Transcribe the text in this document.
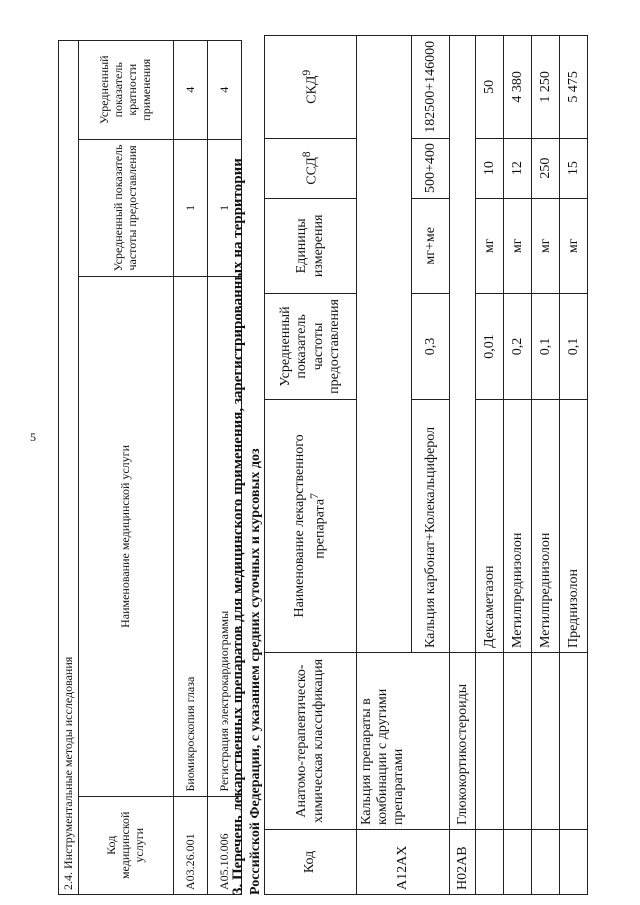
5
2.4. Инструментальные методы исследования			
Код медицинской услуги	Наименование медицинской услуги	Усредненный показатель частоты предоставления	Усредненный показатель кратности применения
A03.26.001	Биомикроскопия глаза	1	4
A05.10.006	Регистрация электрокардиограммы	1	4
3. Перечень лекарственных препаратов для медицинского применения, зарегистрированных на территории Российской Федерации, с указанием средних суточных и курсовых доз	Код	Анатомо-терапевтическо-химическая классификация	Наименование лекарственного препарата$^7$	Усредненный показатель частоты предоставления	Единицы измерения	ССД$^8$	СКД$^9$
A12AX	Кальция препараты в комбинации с другими препаратами					
		Кальция карбонат+Колекальциферол	0,3	мг+ме	500+400	182500+146000
H02AB	Глюкокортикостероиды					
		Дексаметазон	0,01	мг	10	50
		Метилпреднизолон	0,2	мг	12	4 380
		Метилпреднизолон	0,1	мг	250	1 250
		Преднизолон	0,1	мг	15	5 475
